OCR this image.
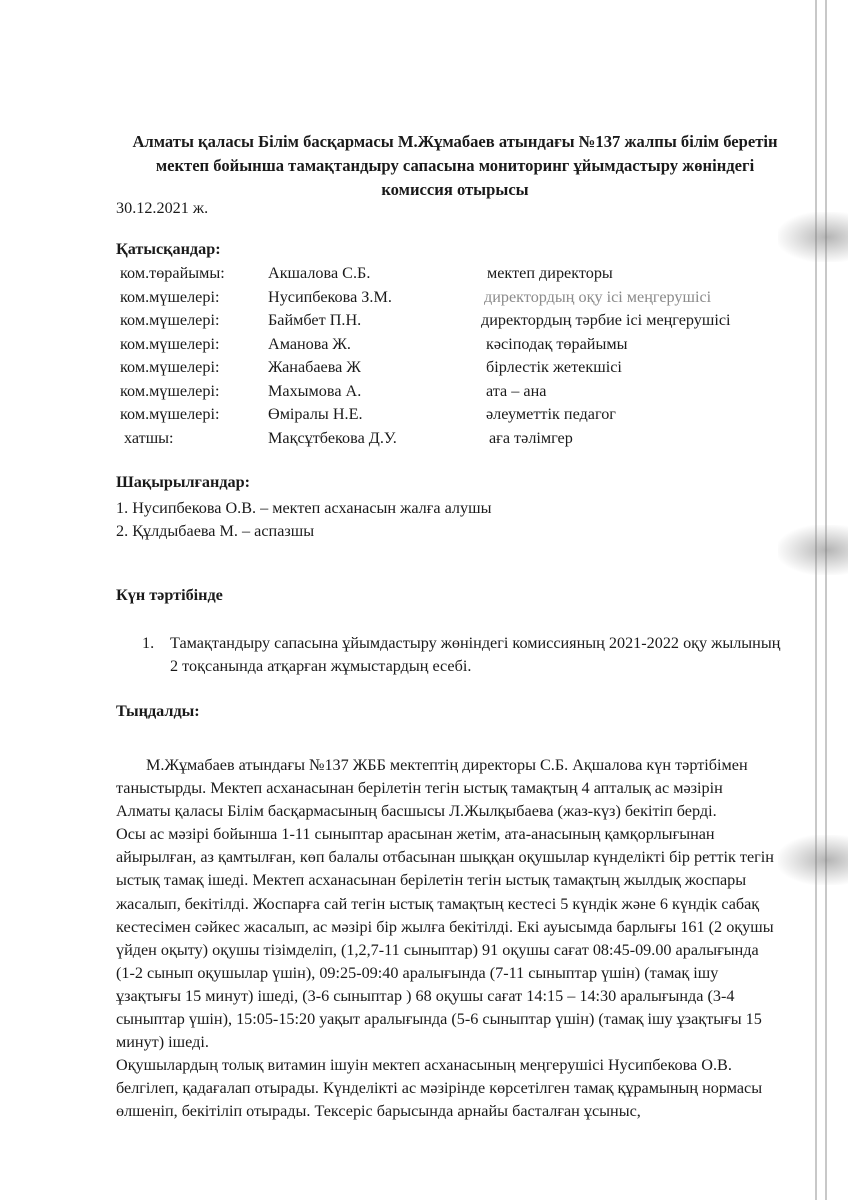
Алматы қаласы Білім басқармасы М.Жұмабаев атындағы №137 жалпы білім беретін
мектеп бойынша тамақтандыру сапасына мониторинг ұйымдастыру жөніндегі
комиссия отырысы
30.12.2021 ж.
Қатысқандар:
ком.төрайымы:	Акшалова С.Б.	мектеп директоры
ком.мүшелері:	Нусипбекова З.М.	директордың оқу ісі меңгерушісі
ком.мүшелері:	Баймбет П.Н.	директордың тәрбие ісі меңгерушісі
ком.мүшелері:	Аманова Ж.	кәсіподақ төрайымы
ком.мүшелері:	Жанабаева Ж	бірлестік жетекшісі
ком.мүшелері:	Махымова А.	ата – ана
ком.мүшелері:	Өміралы Н.Е.	әлеуметтік педагог
хатшы:	Мақсұтбекова Д.У.	аға тәлімгер
Шақырылғандар:
1. Нусипбекова О.В. – мектеп асханасын жалға алушы
2. Құлдыбаева М. – аспазшы
Күн тәртібінде
1. Тамақтандыру сапасына ұйымдастыру жөніндегі комиссияның 2021-2022 оқу жылының 2 тоқсанында атқарған жұмыстардың есебі.
Тыңдалды:

М.Жұмабаев атындағы №137 ЖББ мектептің директоры С.Б. Ақшалова күн тәртібімен таныстырды. Мектеп асханасынан берілетін тегін ыстық тамақтың 4 апталық ас мәзірін Алматы қаласы Білім басқармасының басшысы Л.Жылқыбаева (жаз-күз) бекітіп берді.

Осы ас мәзірі бойынша 1-11 сыныптар арасынан жетім, ата-анасының қамқорлығынан айырылған, аз қамтылған, көп балалы отбасынан шыққан оқушылар күнделікті бір реттік тегін ыстық тамақ ішеді. Мектеп асханасынан берілетін тегін ыстық тамақтың жылдық жоспары жасалып, бекітілді. Жоспарға сай тегін ыстық тамақтың кестесі 5 күндік және 6 күндік сабақ кестесімен сәйкес жасалып, ас мәзірі бір жылға бекітілді. Екі ауысымда барлығы 161 (2 оқушы үйден оқыту) оқушы тізімделіп, (1,2,7-11 сыныптар) 91 оқушы сағат 08:45-09.00 аралығында (1-2 сынып оқушылар үшін), 09:25-09:40 аралығында (7-11 сыныптар үшін) (тамақ ішу ұзақтығы 15 минут) ішеді, (3-6 сыныптар ) 68 оқушы сағат 14:15 – 14:30 аралығында (3-4 сыныптар үшін), 15:05-15:20 уақыт аралығында (5-6 сыныптар үшін) (тамақ ішу ұзақтығы 15 минут) ішеді.

Оқушылардың толық витамин ішуін мектеп асханасының меңгерушісі Нусипбекова О.В. белгілеп, қадағалап отырады. Күнделікті ас мәзірінде көрсетілген тамақ құрамының нормасы өлшеніп, бекітіліп отырады. Тексеріс барысында арнайы басталған ұсыныс,
